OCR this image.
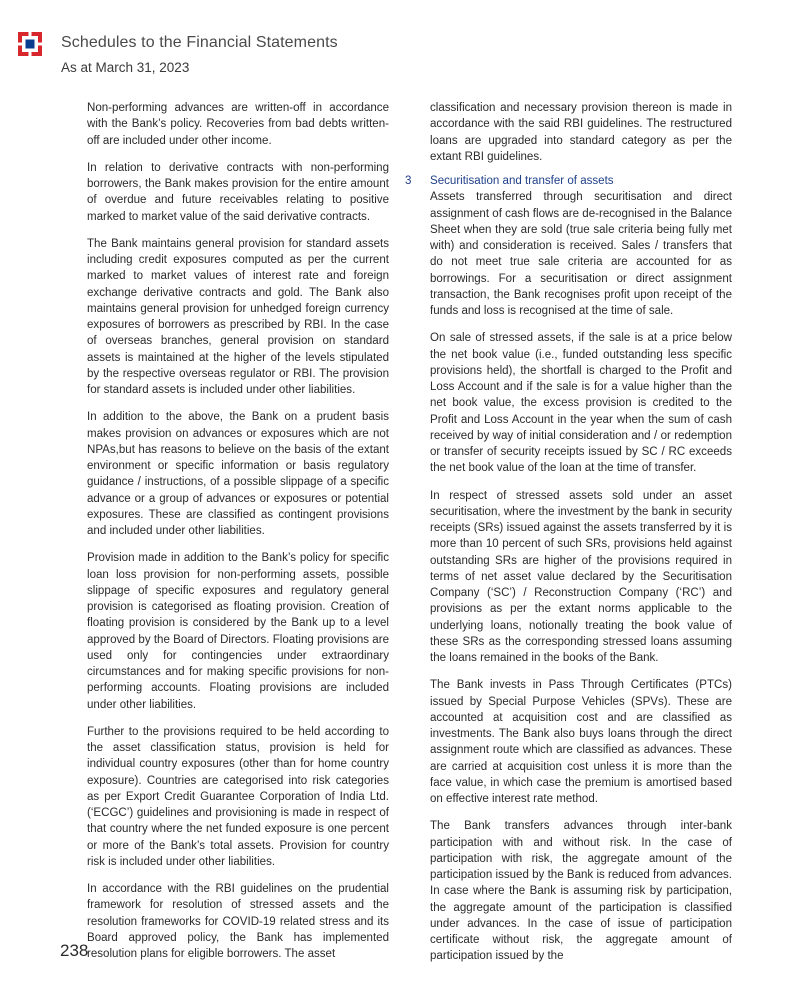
Schedules to the Financial Statements
As at March 31, 2023

Non-performing advances are written-off in accordance with the Bank’s policy. Recoveries from bad debts written-off are included under other income.

In relation to derivative contracts with non-performing borrowers, the Bank makes provision for the entire amount of overdue and future receivables relating to positive marked to market value of the said derivative contracts.

The Bank maintains general provision for standard assets including credit exposures computed as per the current marked to market values of interest rate and foreign exchange derivative contracts and gold. The Bank also maintains general provision for unhedged foreign currency exposures of borrowers as prescribed by RBI. In the case of overseas branches, general provision on standard assets is maintained at the higher of the levels stipulated by the respective overseas regulator or RBI. The provision for standard assets is included under other liabilities.

In addition to the above, the Bank on a prudent basis makes provision on advances or exposures which are not NPAs,but has reasons to believe on the basis of the extant environment or specific information or basis regulatory guidance / instructions, of a possible slippage of a specific advance or a group of advances or exposures or potential exposures. These are classified as contingent provisions and included under other liabilities.

Provision made in addition to the Bank’s policy for specific loan loss provision for non-performing assets, possible slippage of specific exposures and regulatory general provision is categorised as floating provision. Creation of floating provision is considered by the Bank up to a level approved by the Board of Directors. Floating provisions are used only for contingencies under extraordinary circumstances and for making specific provisions for non-performing accounts. Floating provisions are included under other liabilities.

Further to the provisions required to be held according to the asset classification status, provision is held for individual country exposures (other than for home country exposure). Countries are categorised into risk categories as per Export Credit Guarantee Corporation of India Ltd. (‘ECGC’) guidelines and provisioning is made in respect of that country where the net funded exposure is one percent or more of the Bank’s total assets. Provision for country risk is included under other liabilities.

In accordance with the RBI guidelines on the prudential framework for resolution of stressed assets and the resolution frameworks for COVID-19 related stress and its Board approved policy, the Bank has implemented resolution plans for eligible borrowers. The asset

classification and necessary provision thereon is made in accordance with the said RBI guidelines. The restructured loans are upgraded into standard category as per the extant RBI guidelines.

3 Securitisation and transfer of assets

Assets transferred through securitisation and direct assignment of cash flows are de-recognised in the Balance Sheet when they are sold (true sale criteria being fully met with) and consideration is received. Sales / transfers that do not meet true sale criteria are accounted for as borrowings. For a securitisation or direct assignment transaction, the Bank recognises profit upon receipt of the funds and loss is recognised at the time of sale.

On sale of stressed assets, if the sale is at a price below the net book value (i.e., funded outstanding less specific provisions held), the shortfall is charged to the Profit and Loss Account and if the sale is for a value higher than the net book value, the excess provision is credited to the Profit and Loss Account in the year when the sum of cash received by way of initial consideration and / or redemption or transfer of security receipts issued by SC / RC exceeds the net book value of the loan at the time of transfer.

In respect of stressed assets sold under an asset securitisation, where the investment by the bank in security receipts (SRs) issued against the assets transferred by it is more than 10 percent of such SRs, provisions held against outstanding SRs are higher of the provisions required in terms of net asset value declared by the Securitisation Company (‘SC’) / Reconstruction Company (‘RC’) and provisions as per the extant norms applicable to the underlying loans, notionally treating the book value of these SRs as the corresponding stressed loans assuming the loans remained in the books of the Bank.

The Bank invests in Pass Through Certificates (PTCs) issued by Special Purpose Vehicles (SPVs). These are accounted at acquisition cost and are classified as investments. The Bank also buys loans through the direct assignment route which are classified as advances. These are carried at acquisition cost unless it is more than the face value, in which case the premium is amortised based on effective interest rate method.

The Bank transfers advances through inter-bank participation with and without risk. In the case of participation with risk, the aggregate amount of the participation issued by the Bank is reduced from advances. In case where the Bank is assuming risk by participation, the aggregate amount of the participation is classified under advances. In the case of issue of participation certificate without risk, the aggregate amount of participation issued by the

238
